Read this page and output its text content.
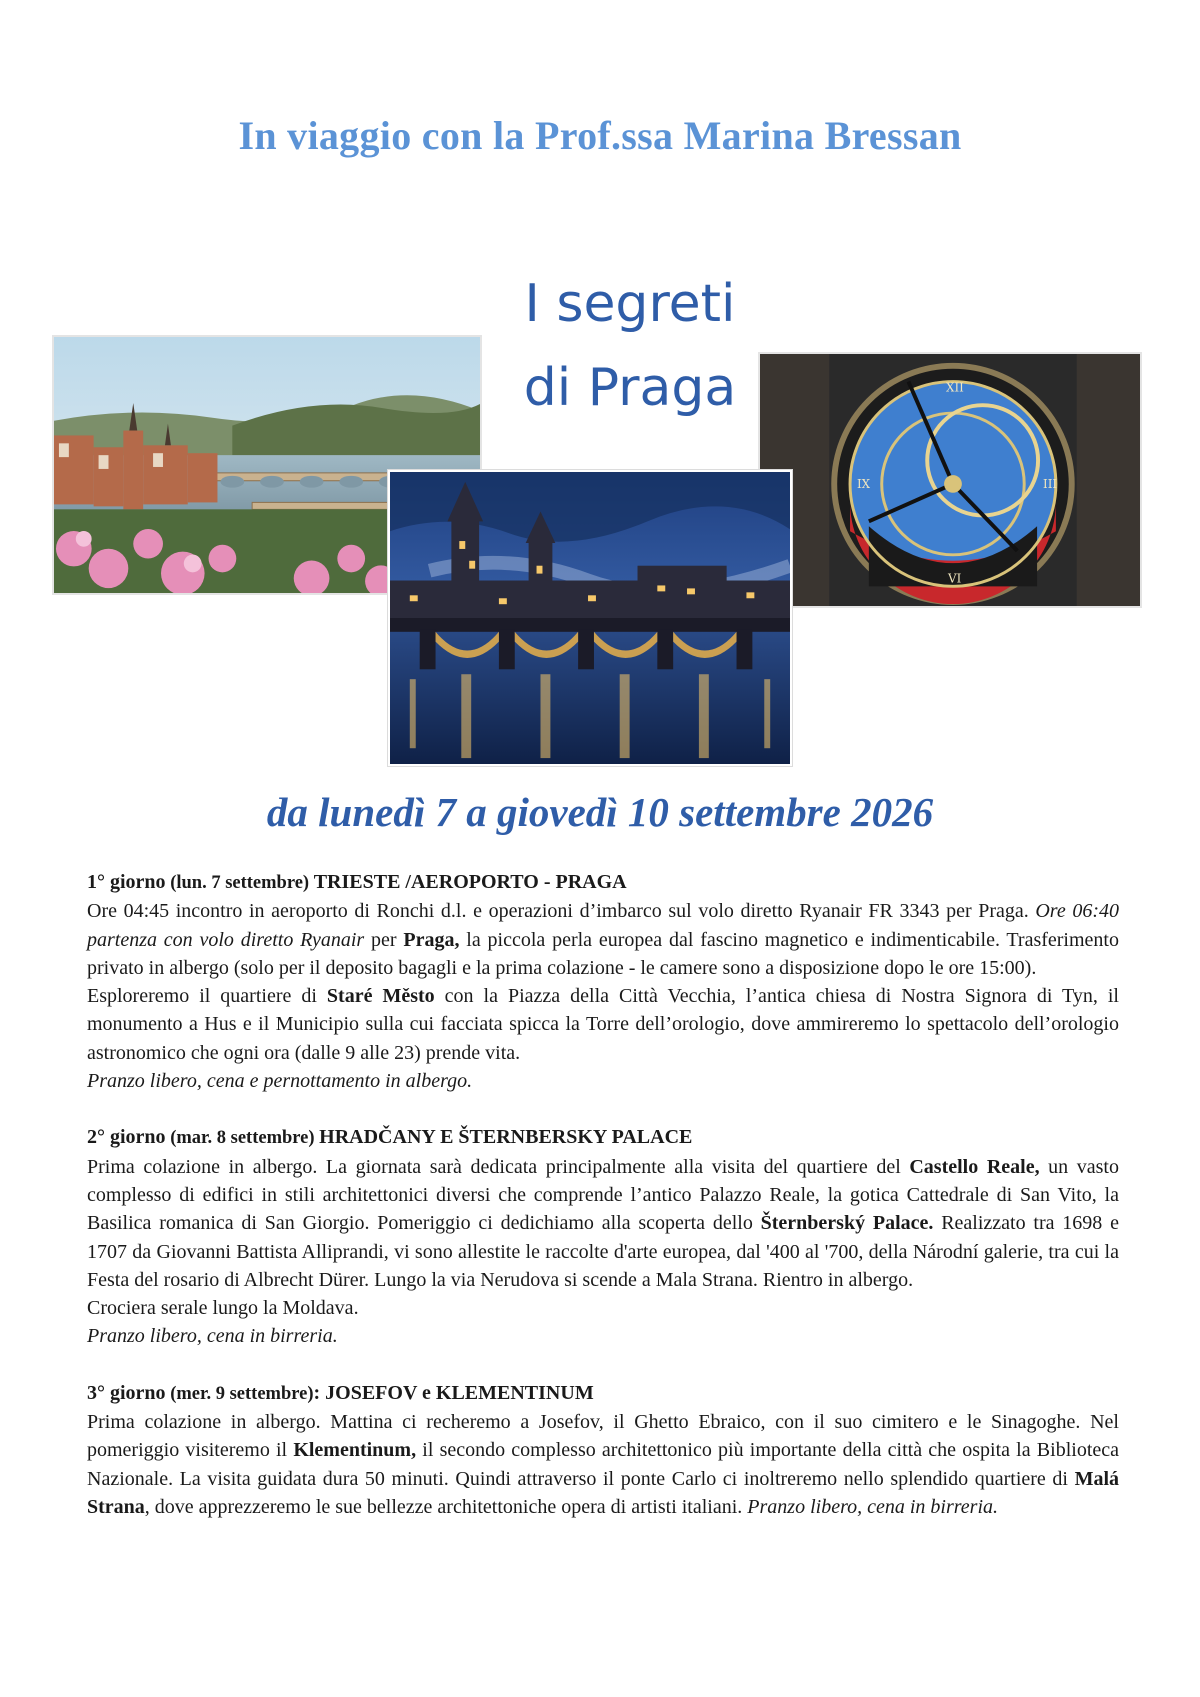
In viaggio con la Prof.ssa Marina Bressan
I segreti
di Praga	XII
III
VI
IX
da lunedì 7 a giovedì 10 settembre 2026
1° giorno (lun. 7 settembre) TRIESTE /AEROPORTO - PRAGA

Ore 04:45 incontro in aeroporto di Ronchi d.l. e operazioni d’imbarco sul volo diretto Ryanair FR 3343 per Praga. Ore 06:40 partenza con volo diretto Ryanair per Praga, la piccola perla europea dal fascino magnetico e indimenticabile. Trasferimento privato in albergo (solo per il deposito bagagli e la prima colazione - le camere sono a disposizione dopo le ore 15:00).

Esploreremo il quartiere di Staré Město con la Piazza della Città Vecchia, l’antica chiesa di Nostra Signora di Tyn, il monumento a Hus e il Municipio sulla cui facciata spicca la Torre dell’orologio, dove ammireremo lo spettacolo dell’orologio astronomico che ogni ora (dalle 9 alle 23) prende vita.

Pranzo libero, cena e pernottamento in albergo.

2° giorno (mar. 8 settembre) HRADČANY E ŠTERNBERSKY PALACE

Prima colazione in albergo. La giornata sarà dedicata principalmente alla visita del quartiere del Castello Reale, un vasto complesso di edifici in stili architettonici diversi che comprende l’antico Palazzo Reale, la gotica Cattedrale di San Vito, la Basilica romanica di San Giorgio. Pomeriggio ci dedichiamo alla scoperta dello Šternberský Palace. Realizzato tra 1698 e 1707 da Giovanni Battista Alliprandi, vi sono allestite le raccolte d'arte europea, dal '400 al '700, della Národní galerie, tra cui la Festa del rosario di Albrecht Dürer. Lungo la via Nerudova si scende a Mala Strana. Rientro in albergo.

Crociera serale lungo la Moldava.

Pranzo libero, cena in birreria.

3° giorno (mer. 9 settembre): JOSEFOV e KLEMENTINUM

Prima colazione in albergo. Mattina ci recheremo a Josefov, il Ghetto Ebraico, con il suo cimitero e le Sinagoghe. Nel pomeriggio visiteremo il Klementinum, il secondo complesso architettonico più importante della città che ospita la Biblioteca Nazionale. La visita guidata dura 50 minuti. Quindi attraverso il ponte Carlo ci inoltreremo nello splendido quartiere di Malá Strana, dove apprezzeremo le sue bellezze architettoniche opera di artisti italiani. Pranzo libero, cena in birreria.
